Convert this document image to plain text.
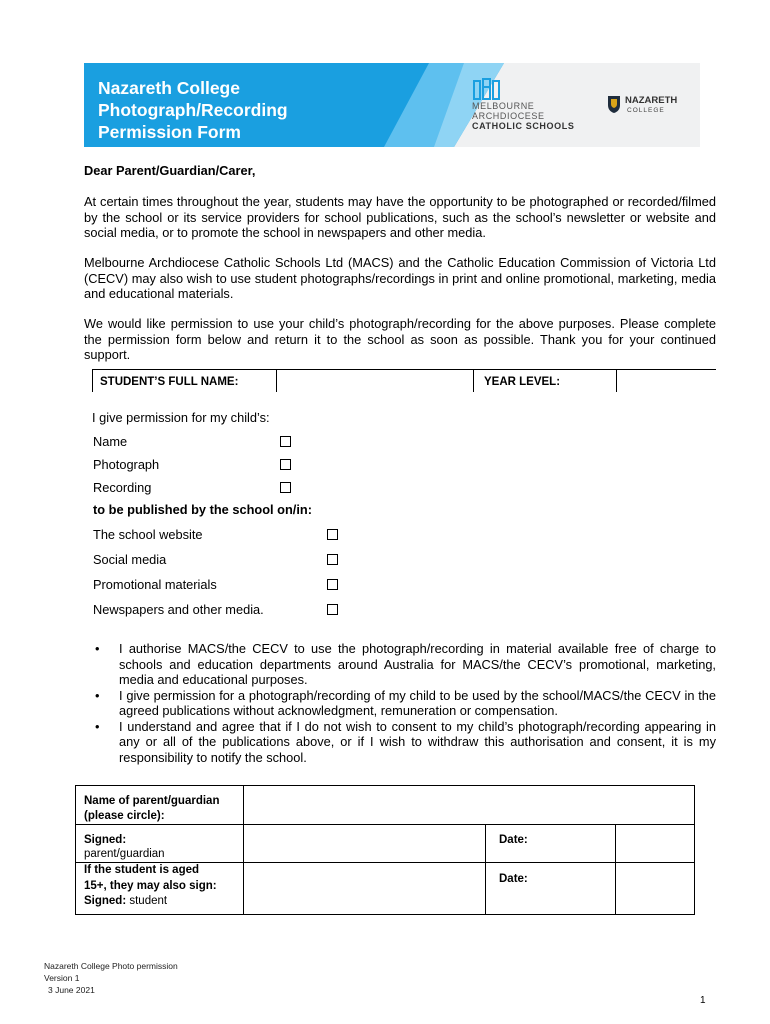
Nazareth College
Photograph/Recording
Permission Form
MELBOURNE
ARCHDIOCESE
CATHOLIC SCHOOLS
NAZARETH
COLLEGE
Dear Parent/Guardian/Carer,
At certain times throughout the year, students may have the opportunity to be photographed or recorded/filmed by the school or its service providers for school publications, such as the school’s newsletter or website and social media, or to promote the school in newspapers and other media.
Melbourne Archdiocese Catholic Schools Ltd (MACS) and the Catholic Education Commission of Victoria Ltd (CECV) may also wish to use student photographs/recordings in print and online promotional, marketing, media and educational materials.
We would like permission to use your child’s photograph/recording for the above purposes. Please complete the permission form below and return it to the school as soon as possible. Thank you for your continued support.
STUDENT’S FULL NAME:	YEAR LEVEL:
I give permission for my child’s:
Name
Photograph
Recording
to be published by the school on/in:
The school website
Social media
Promotional materials
Newspapers and other media.
• I authorise MACS/the CECV to use the photograph/recording in material available free of charge to schools and education departments around Australia for MACS/the CECV’s promotional, marketing, media and educational purposes.
• I give permission for a photograph/recording of my child to be used by the school/MACS/the CECV in the agreed publications without acknowledgment, remuneration or compensation.
• I understand and agree that if I do not wish to consent to my child’s photograph/recording appearing in any or all of the publications above, or if I wish to withdraw this authorisation and consent, it is my responsibility to notify the school.
Name of parent/guardian
(please circle):
Signed:
parent/guardian
Date:
If the student is aged
15+, they may also sign:
Signed: student
Date:
Nazareth College Photo permission
Version 1
3 June 2021
1
